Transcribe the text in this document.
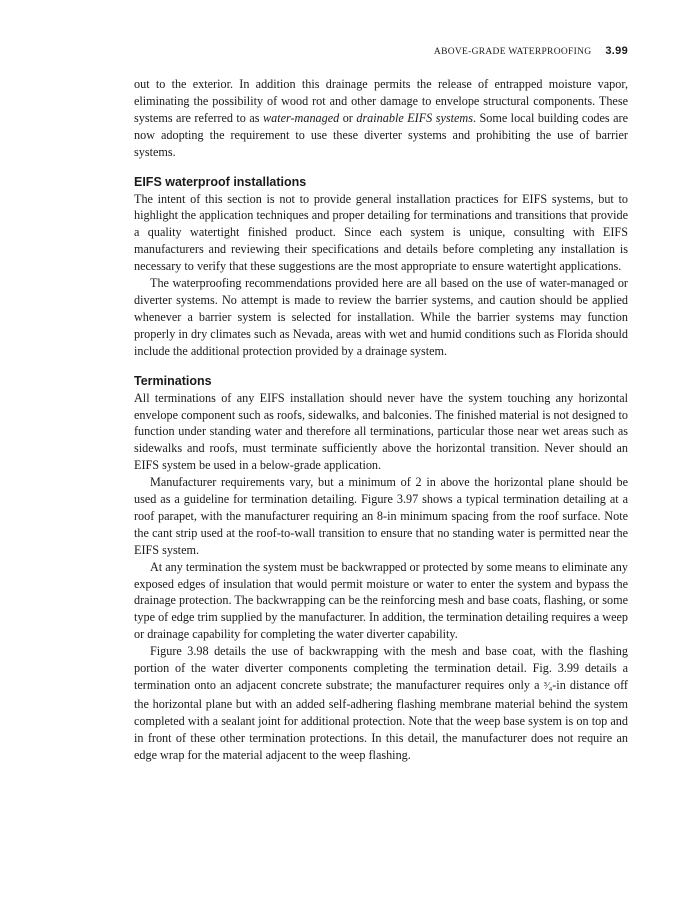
ABOVE-GRADE WATERPROOFING 3.99

out to the exterior. In addition this drainage permits the release of entrapped moisture vapor, eliminating the possibility of wood rot and other damage to envelope structural components. These systems are referred to as water-managed or drainable EIFS systems. Some local building codes are now adopting the requirement to use these diverter systems and prohibiting the use of barrier systems.

EIFS waterproof installations

The intent of this section is not to provide general installation practices for EIFS systems, but to highlight the application techniques and proper detailing for terminations and transitions that provide a quality watertight finished product. Since each system is unique, consulting with EIFS manufacturers and reviewing their specifications and details before completing any installation is necessary to verify that these suggestions are the most appropriate to ensure watertight applications.

The waterproofing recommendations provided here are all based on the use of water-managed or diverter systems. No attempt is made to review the barrier systems, and caution should be applied whenever a barrier system is selected for installation. While the barrier systems may function properly in dry climates such as Nevada, areas with wet and humid conditions such as Florida should include the additional protection provided by a drainage system.

Terminations

All terminations of any EIFS installation should never have the system touching any horizontal envelope component such as roofs, sidewalks, and balconies. The finished material is not designed to function under standing water and therefore all terminations, particular those near wet areas such as sidewalks and roofs, must terminate sufficiently above the horizontal transition. Never should an EIFS system be used in a below-grade application.

Manufacturer requirements vary, but a minimum of 2 in above the horizontal plane should be used as a guideline for termination detailing. Figure 3.97 shows a typical termination detailing at a roof parapet, with the manufacturer requiring an 8-in minimum spacing from the roof surface. Note the cant strip used at the roof-to-wall transition to ensure that no standing water is permitted near the EIFS system.

At any termination the system must be backwrapped or protected by some means to eliminate any exposed edges of insulation that would permit moisture or water to enter the system and bypass the drainage protection. The backwrapping can be the reinforcing mesh and base coats, flashing, or some type of edge trim supplied by the manufacturer. In addition, the termination detailing requires a weep or drainage capability for completing the water diverter capability.

Figure 3.98 details the use of backwrapping with the mesh and base coat, with the flashing portion of the water diverter components completing the termination detail. Fig. 3.99 details a termination onto an adjacent concrete substrate; the manufacturer requires only a ³⁄₄-in distance off the horizontal plane but with an added self-adhering flashing membrane material behind the system completed with a sealant joint for additional protection. Note that the weep base system is on top and in front of these other termination protections. In this detail, the manufacturer does not require an edge wrap for the material adjacent to the weep flashing.
